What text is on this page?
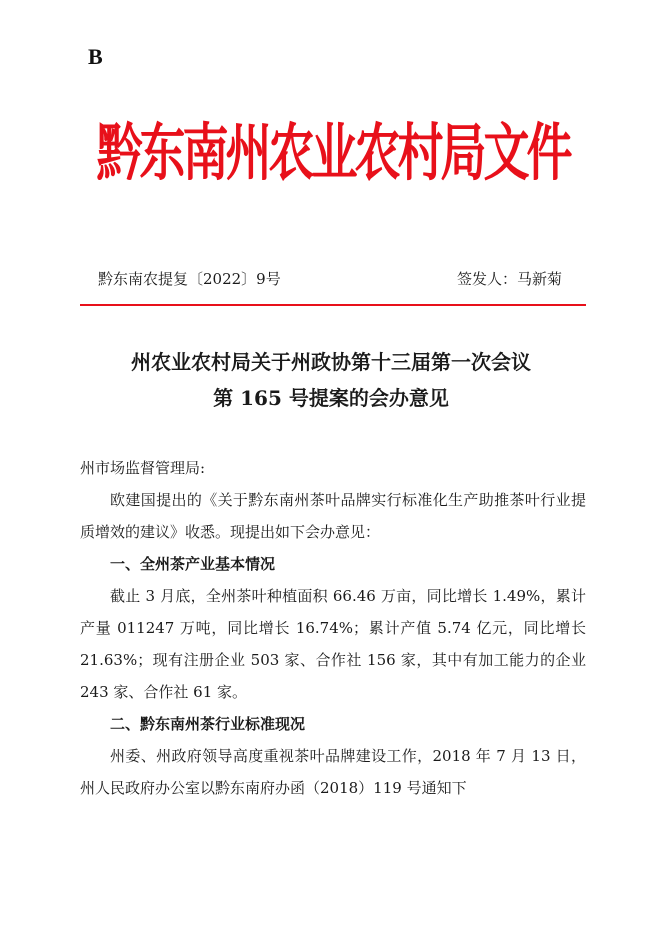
B
黔东南州农业农村局文件
黔东南农提复〔2022〕9号	签发人：马新菊
州农业农村局关于州政协第十三届第一次会议
第 165 号提案的会办意见

州市场监督管理局:

欧建国提出的《关于黔东南州茶叶品牌实行标准化生产助推茶叶行业提质增效的建议》收悉。现提出如下会办意见：

一、全州茶产业基本情况

截止 3 月底，全州茶叶种植面积 66.46 万亩，同比增长 1.49%，累计产量 011247 万吨，同比增长 16.74%；累计产值 5.74 亿元，同比增长 21.63%；现有注册企业 503 家、合作社 156 家，其中有加工能力的企业 243 家、合作社 61 家。

二、黔东南州茶行业标准现况

州委、州政府领导高度重视茶叶品牌建设工作，2018 年 7 月 13 日，州人民政府办公室以黔东南府办函（2018）119 号通知下
